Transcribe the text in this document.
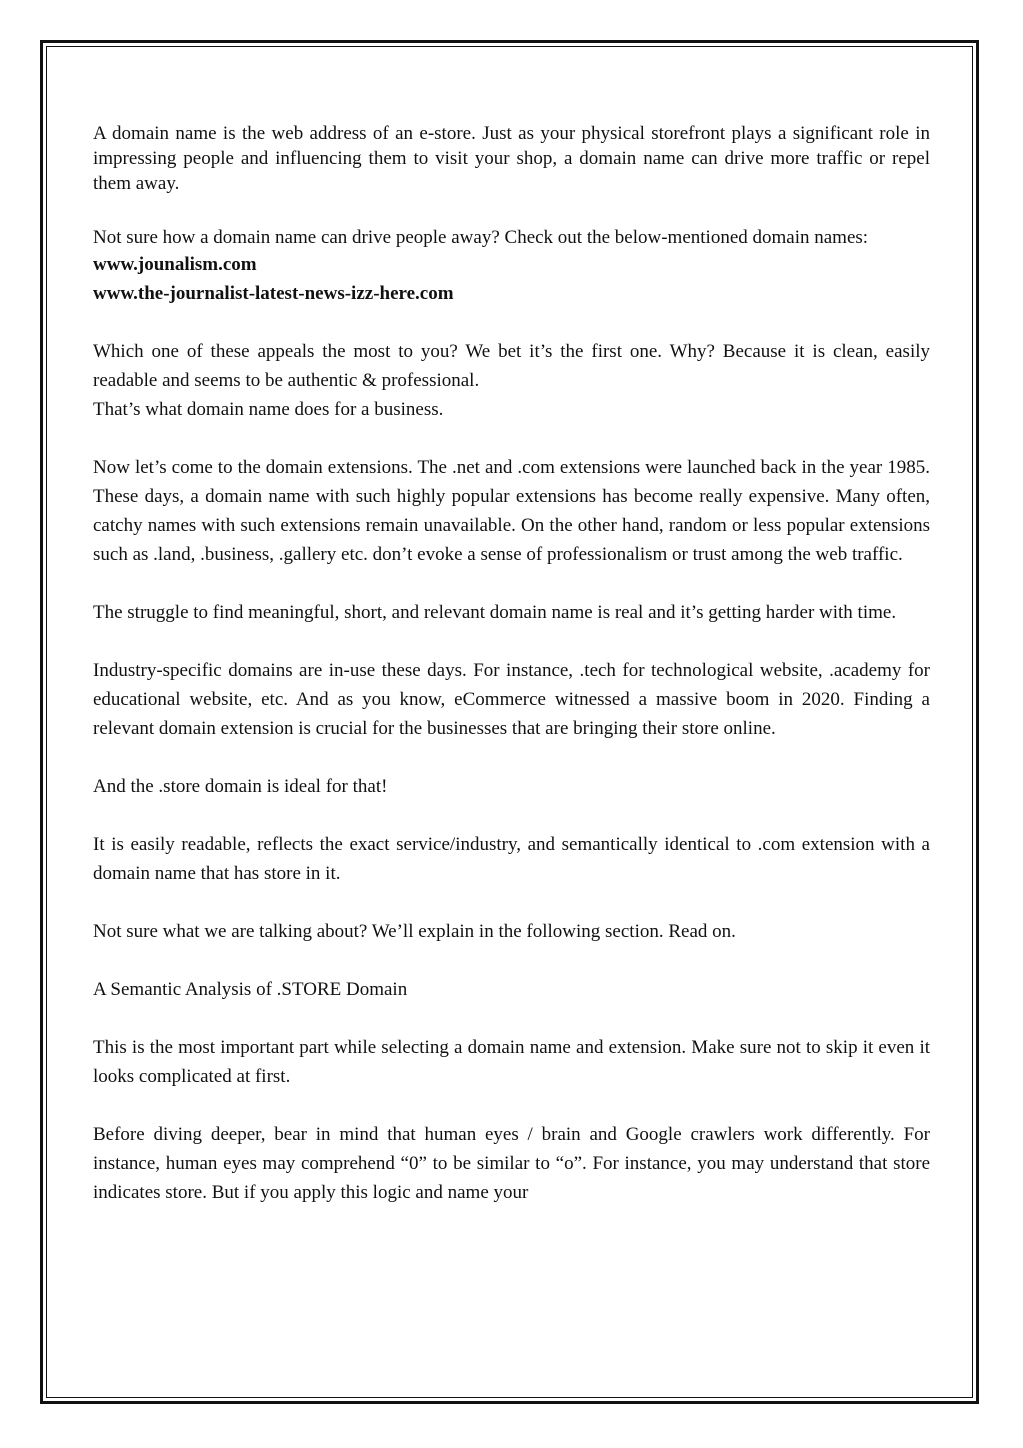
A domain name is the web address of an e-store. Just as your physical storefront plays a significant role in impressing people and influencing them to visit your shop, a domain name can drive more traffic or repel them away.

Not sure how a domain name can drive people away? Check out the below-mentioned domain names:

www.jounalism.com

www.the-journalist-latest-news-izz-here.com

Which one of these appeals the most to you? We bet it’s the first one. Why? Because it is clean, easily readable and seems to be authentic & professional.

That’s what domain name does for a business.

Now let’s come to the domain extensions. The .net and .com extensions were launched back in the year 1985. These days, a domain name with such highly popular extensions has become really expensive. Many often, catchy names with such extensions remain unavailable. On the other hand, random or less popular extensions such as .land, .business, .gallery etc. don’t evoke a sense of professionalism or trust among the web traffic.

The struggle to find meaningful, short, and relevant domain name is real and it’s getting harder with time.

Industry-specific domains are in-use these days. For instance, .tech for technological website, .academy for educational website, etc. And as you know, eCommerce witnessed a massive boom in 2020. Finding a relevant domain extension is crucial for the businesses that are bringing their store online.

And the .store domain is ideal for that!

It is easily readable, reflects the exact service/industry, and semantically identical to .com extension with a domain name that has store in it.

Not sure what we are talking about? We’ll explain in the following section. Read on.

A Semantic Analysis of .STORE Domain

This is the most important part while selecting a domain name and extension. Make sure not to skip it even it looks complicated at first.

Before diving deeper, bear in mind that human eyes / brain and Google crawlers work differently. For instance, human eyes may comprehend “0” to be similar to “o”. For instance, you may understand that store indicates store. But if you apply this logic and name your
